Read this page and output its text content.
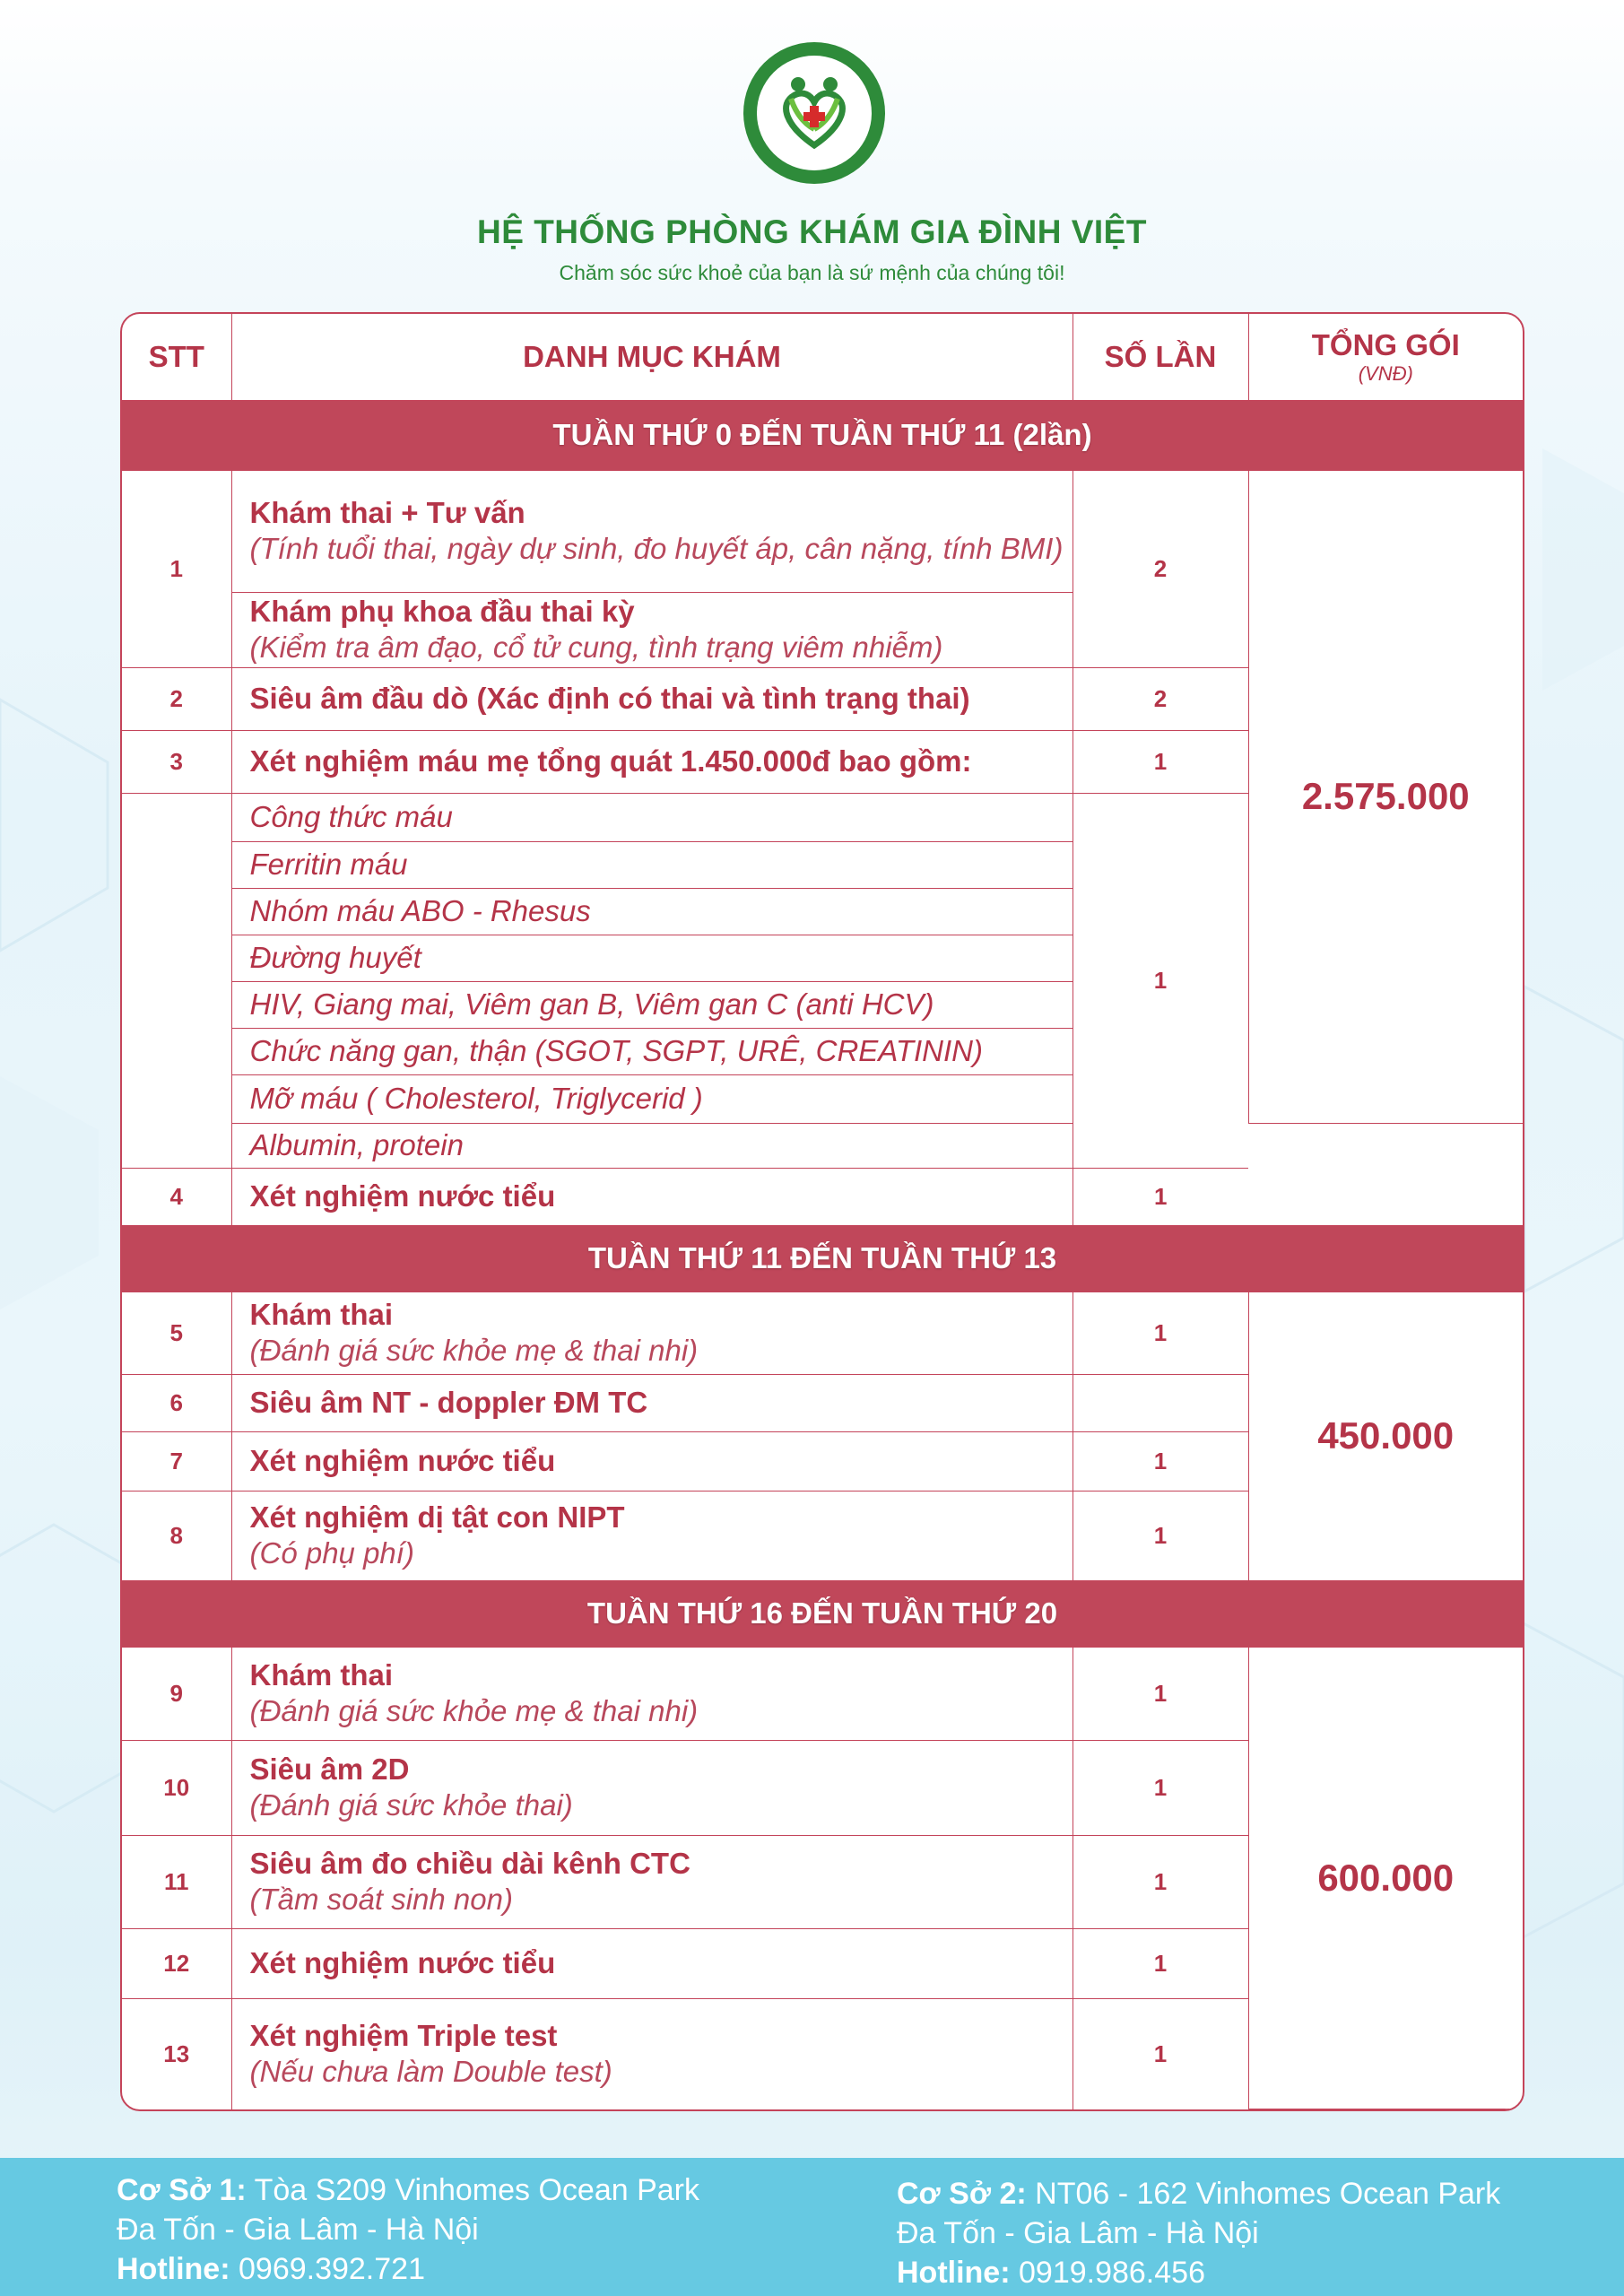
SỨC KHỎE · BÌNH AN · HẠNH PHÚC
GIA ĐÌNH VIỆT
HỆ THỐNG PHÒNG KHÁM GIA ĐÌNH VIỆT
Chăm sóc sức khoẻ của bạn là sứ mệnh của chúng tôi!
STT	DANH MỤC KHÁM	SỐ LẦN	TỔNG GÓI
(VNĐ)

TUẦN THỨ 0 ĐẾN TUẦN THỨ 11 (2lần)			
1	Khám thai + Tư vấn
(Tính tuổi thai, ngày dự sinh, đo huyết áp, cân nặng, tính BMI)	2	2.575.000

	Khám phụ khoa đầu thai kỳ
(Kiểm tra âm đạo, cổ tử cung, tình trạng viêm nhiễm)		

2	Siêu âm đầu dò (Xác định có thai và tình trạng thai)	2	
3	Xét nghiệm máu mẹ tổng quát 1.450.000đ bao gồm:	1	
	Công thức máu	1	
	Ferritin máu		
	Nhóm máu ABO - Rhesus		
	Đường huyết		
	HIV, Giang mai, Viêm gan B, Viêm gan C (anti HCV)		
	Chức năng gan, thận (SGOT, SGPT, URÊ, CREATININ)		
	Mỡ máu ( Cholesterol, Triglycerid )		
	Albumin, protein		
4	Xét nghiệm nước tiểu	1	
TUẦN THỨ 11 ĐẾN TUẦN THỨ 13			
5	Khám thai
(Đánh giá sức khỏe mẹ & thai nhi)	1	450.000
6	Siêu âm NT - doppler ĐM TC		

7	Xét nghiệm nước tiểu	1	
8	Xét nghiệm dị tật con NIPT
(Có phụ phí)	1	
TUẦN THỨ 16 ĐẾN TUẦN THỨ 20			
9	Khám thai
(Đánh giá sức khỏe mẹ & thai nhi)	1	600.000
10	Siêu âm 2D
(Đánh giá sức khỏe thai)	1	
11	Siêu âm đo chiều dài kênh CTC
(Tầm soát sinh non)	1	
12	Xét nghiệm nước tiểu	1	
13	Xét nghiệm Triple test
(Nếu chưa làm Double test)	1	
Cơ Sở 1: Tòa S209 Vinhomes Ocean Park
Đa Tốn - Gia Lâm - Hà Nội
Hotline: 0969.392.721
Cơ Sở 2: NT06 - 162 Vinhomes Ocean Park
Đa Tốn - Gia Lâm - Hà Nội
Hotline: 0919.986.456
